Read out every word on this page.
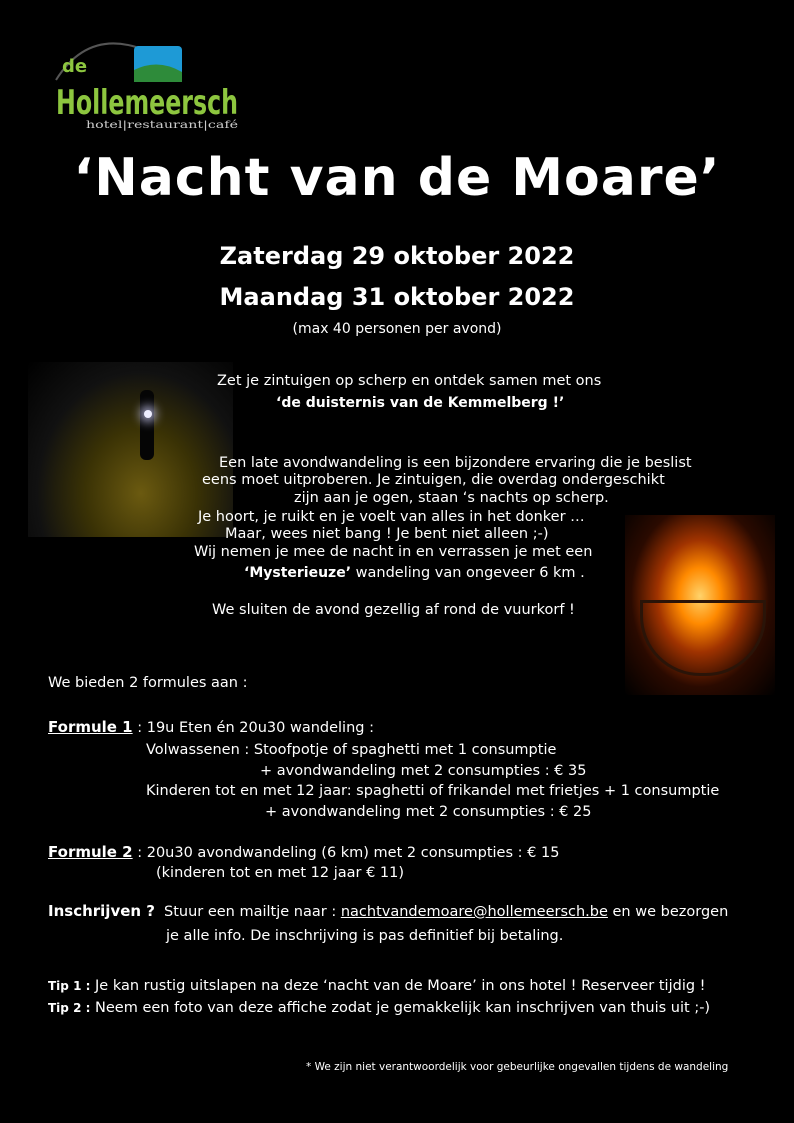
de
Hollemeersch
hotel|restaurant|café
‘Nacht van de Moare’
Zaterdag 29 oktober 2022
Maandag 31 oktober 2022
(max 40 personen per avond)
Zet je zintuigen op scherp en ontdek samen met ons
‘de duisternis van de Kemmelberg !’
Een late avondwandeling is een bijzondere ervaring die je beslist
eens moet uitproberen. Je zintuigen, die overdag ondergeschikt
zijn aan je ogen, staan ‘s nachts op scherp.
Je hoort, je ruikt en je voelt van alles in het donker …
Maar, wees niet bang ! Je bent niet alleen ;-)
Wij nemen je mee de nacht in en verrassen je met een
‘Mysterieuze’ wandeling van ongeveer 6 km .
We sluiten de avond gezellig af rond de vuurkorf !
We bieden 2 formules aan :
Formule 1 : 19u Eten én 20u30 wandeling :
Volwassenen : Stoofpotje of spaghetti met 1 consumptie
+ avondwandeling met 2 consumpties : € 35
Kinderen tot en met 12 jaar: spaghetti of frikandel met frietjes + 1 consumptie
+ avondwandeling met 2 consumpties : € 25
Formule 2 : 20u30 avondwandeling (6 km) met 2 consumpties : € 15
(kinderen tot en met 12 jaar € 11)
Inschrijven ? Stuur een mailtje naar : nachtvandemoare@hollemeersch.be en we bezorgen
je alle info. De inschrijving is pas definitief bij betaling.
Tip 1 : Je kan rustig uitslapen na deze ‘nacht van de Moare’ in ons hotel ! Reserveer tijdig !
Tip 2 : Neem een foto van deze affiche zodat je gemakkelijk kan inschrijven van thuis uit ;-)
* We zijn niet verantwoordelijk voor gebeurlijke ongevallen tijdens de wandeling
